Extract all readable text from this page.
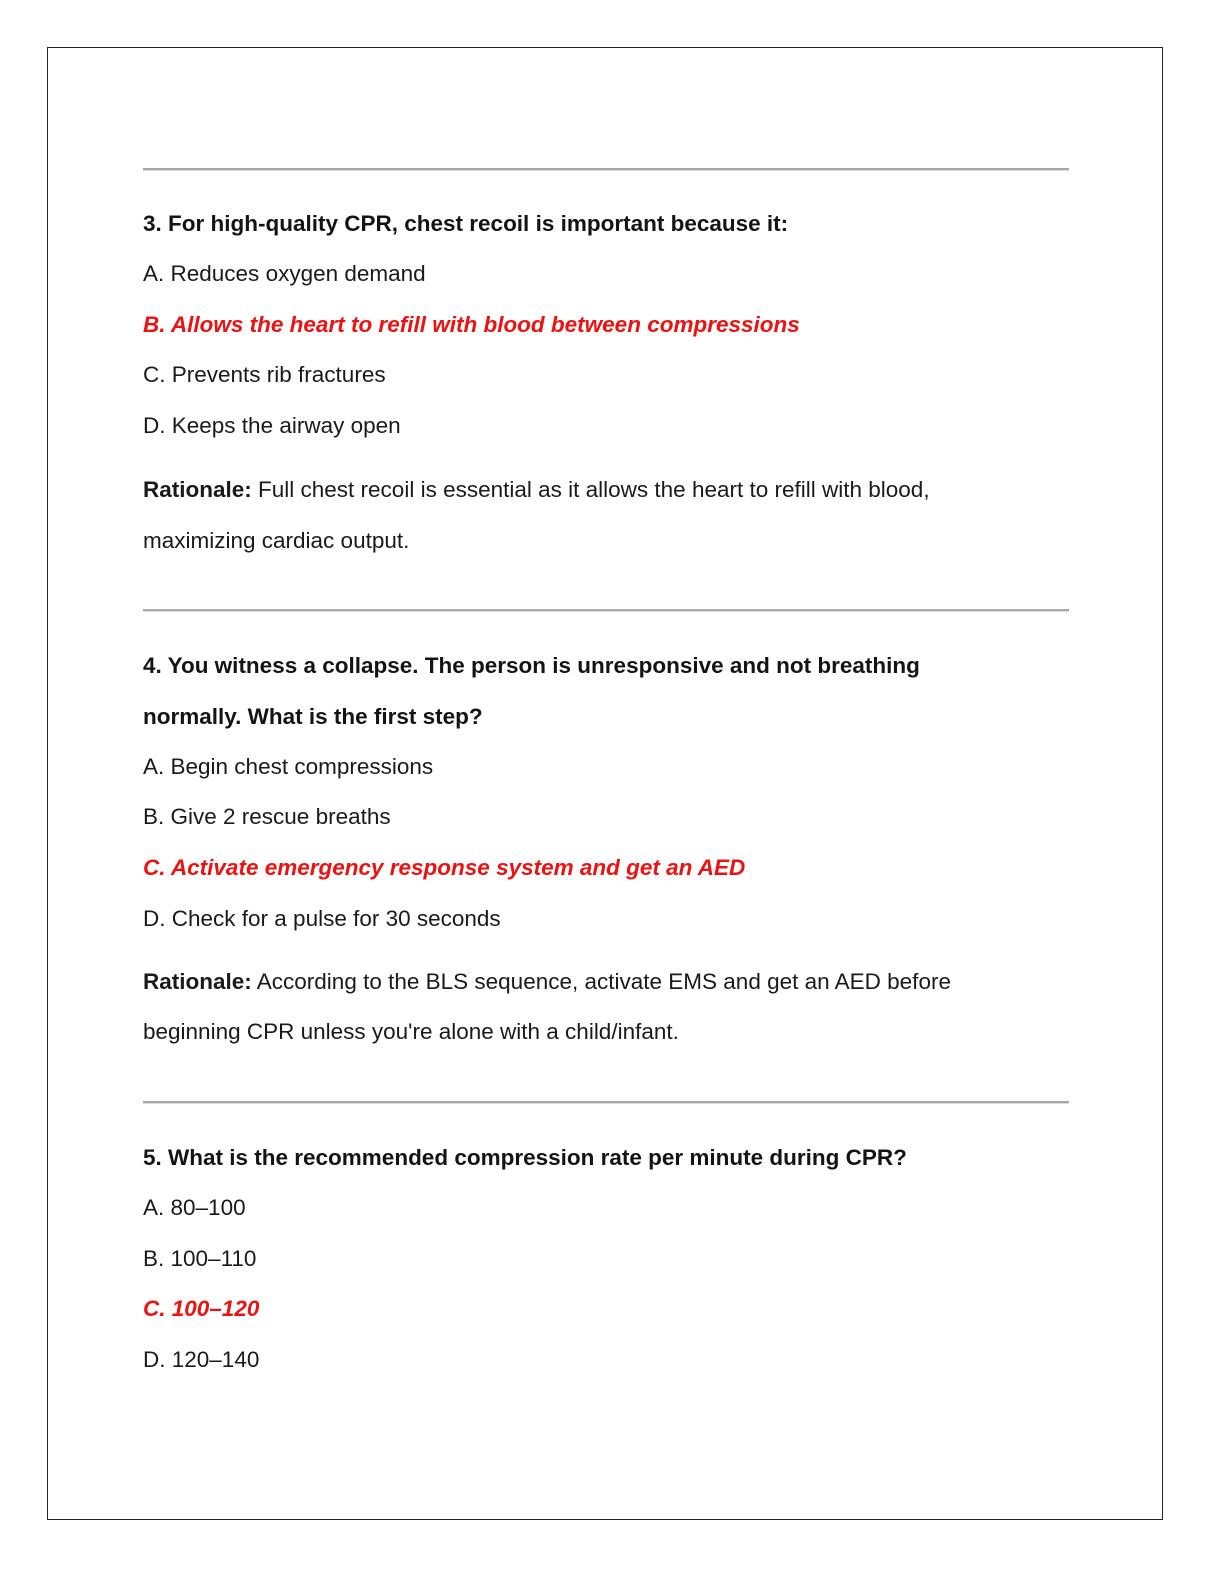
3. For high-quality CPR, chest recoil is important because it:
A. Reduces oxygen demand
B. Allows the heart to refill with blood between compressions
C. Prevents rib fractures
D. Keeps the airway open
Rationale: Full chest recoil is essential as it allows the heart to refill with blood,
maximizing cardiac output.
4. You witness a collapse. The person is unresponsive and not breathing
normally. What is the first step?
A. Begin chest compressions
B. Give 2 rescue breaths
C. Activate emergency response system and get an AED
D. Check for a pulse for 30 seconds
Rationale: According to the BLS sequence, activate EMS and get an AED before
beginning CPR unless you're alone with a child/infant.
5. What is the recommended compression rate per minute during CPR?
A. 80–100
B. 100–110
C. 100–120
D. 120–140
